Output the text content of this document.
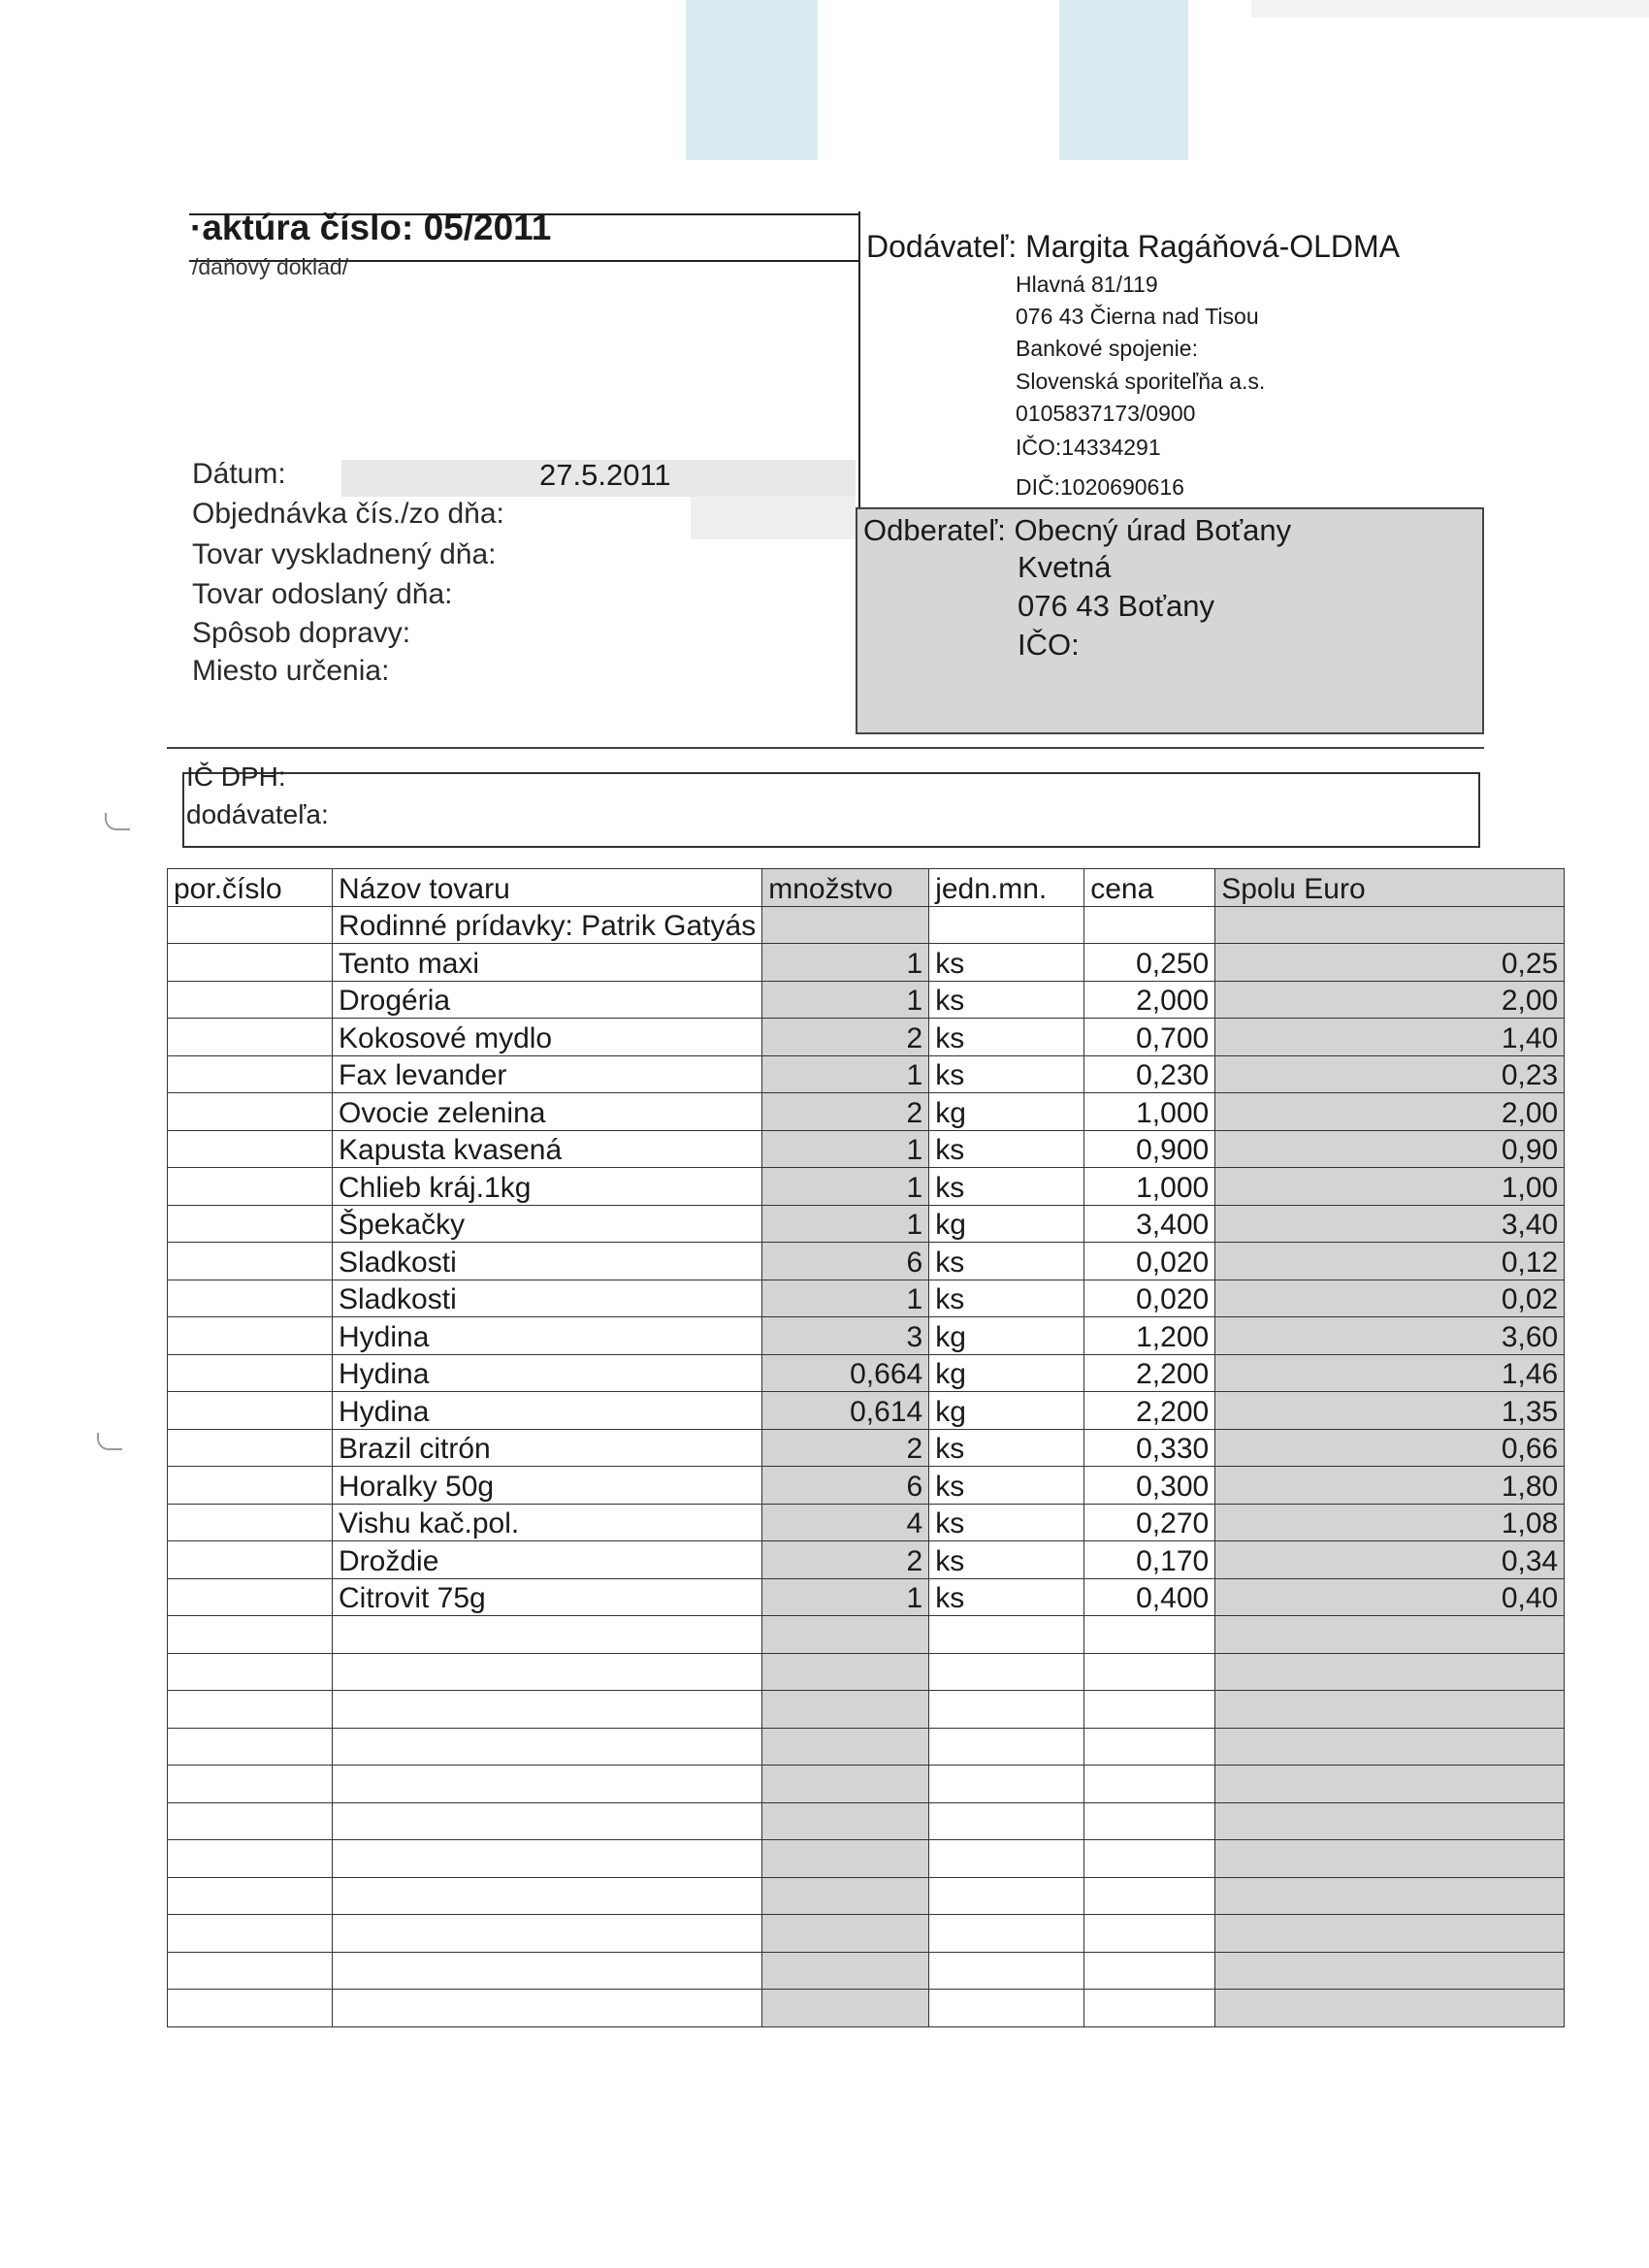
·aktúra číslo: 05/2011
/daňový doklad/
Dodávateľ: Margita Ragáňová-OLDMA
Hlavná 81/119
076 43 Čierna nad Tisou
Bankové spojenie:
Slovenská sporiteľňa a.s.
0105837173/0900
IČO:14334291
DIČ:1020690616
Dátum:	27.5.2011
Objednávka čís./zo dňa:
Tovar vyskladnený dňa:
Tovar odoslaný dňa:
Spôsob dopravy:
Miesto určenia:
Odberateľ: Obecný úrad Boťany
Kvetná
076 43 Boťany
IČO:
IČ DPH:
dodávateľa:
por.číslo	Názov tovaru	množstvo	jedn.mn.	cena	Spolu Euro
	Rodinné prídavky: Patrik Gatyás				
	Tento maxi	1	ks	0,250	0,25
	Drogéria	1	ks	2,000	2,00
	Kokosové mydlo	2	ks	0,700	1,40
	Fax levander	1	ks	0,230	0,23
	Ovocie zelenina	2	kg	1,000	2,00
	Kapusta kvasená	1	ks	0,900	0,90
	Chlieb kráj.1kg	1	ks	1,000	1,00
	Špekačky	1	kg	3,400	3,40
	Sladkosti	6	ks	0,020	0,12
	Sladkosti	1	ks	0,020	0,02
	Hydina	3	kg	1,200	3,60
	Hydina	0,664	kg	2,200	1,46
	Hydina	0,614	kg	2,200	1,35
	Brazil citrón	2	ks	0,330	0,66
	Horalky 50g	6	ks	0,300	1,80
	Vishu kač.pol.	4	ks	0,270	1,08
	Droždie	2	ks	0,170	0,34
	Citrovit 75g	1	ks	0,400	0,40
